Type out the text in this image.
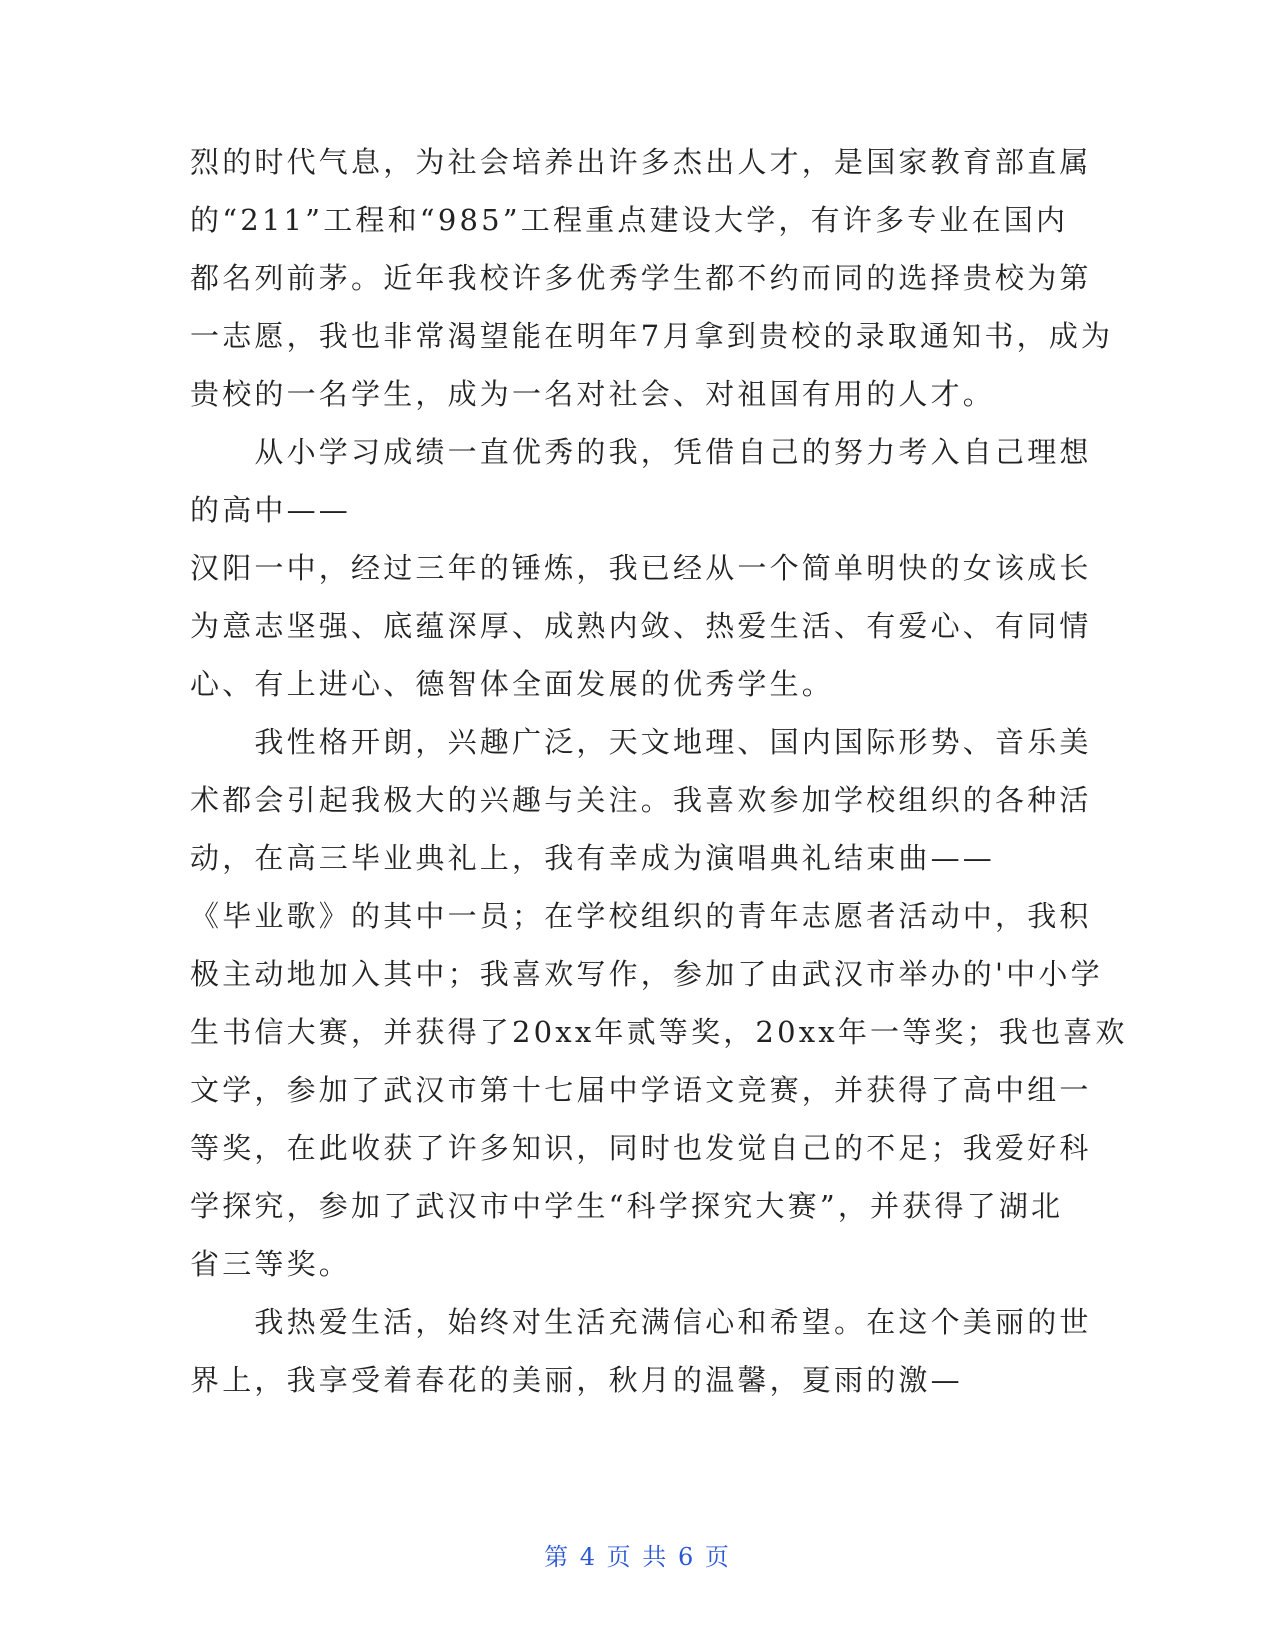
烈的时代气息，为社会培养出许多杰出人才，是国家教育部直属
的“211”工程和“985”工程重点建设大学，有许多专业在国内
都名列前茅。近年我校许多优秀学生都不约而同的选择贵校为第
一志愿，我也非常渴望能在明年7月拿到贵校的录取通知书，成为
贵校的一名学生，成为一名对社会、对祖国有用的人才。
　　从小学习成绩一直优秀的我，凭借自己的努力考入自己理想
的高中——
汉阳一中，经过三年的锤炼，我已经从一个简单明快的女该成长
为意志坚强、底蕴深厚、成熟内敛、热爱生活、有爱心、有同情
心、有上进心、德智体全面发展的优秀学生。
　　我性格开朗，兴趣广泛，天文地理、国内国际形势、音乐美
术都会引起我极大的兴趣与关注。我喜欢参加学校组织的各种活
动，在高三毕业典礼上，我有幸成为演唱典礼结束曲——
《毕业歌》的其中一员；在学校组织的青年志愿者活动中，我积
极主动地加入其中；我喜欢写作，参加了由武汉市举办的'中小学
生书信大赛，并获得了20xx年贰等奖，20xx年一等奖；我也喜欢
文学，参加了武汉市第十七届中学语文竞赛，并获得了高中组一
等奖，在此收获了许多知识，同时也发觉自己的不足；我爱好科
学探究，参加了武汉市中学生“科学探究大赛”，并获得了湖北
省三等奖。
　　我热爱生活，始终对生活充满信心和希望。在这个美丽的世
界上，我享受着春花的美丽，秋月的温馨，夏雨的激—
第 4 页 共 6 页
